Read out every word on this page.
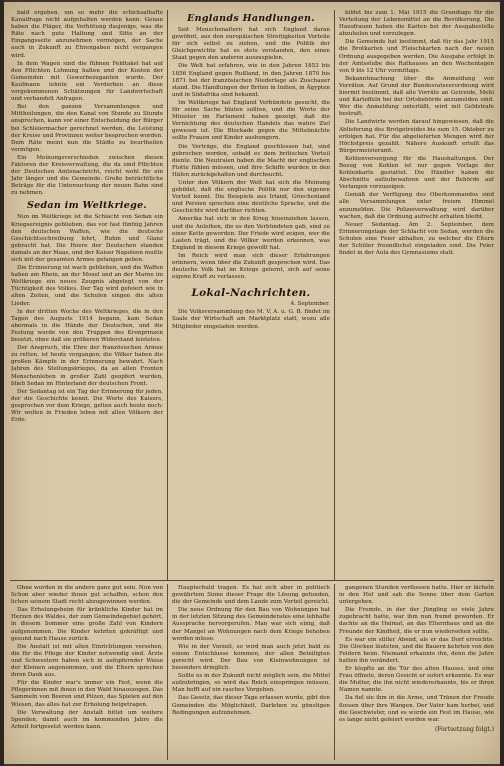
bald ergeben, um so mehr die schicksalhafte Kanalfrage nicht aufgehalten werden kann. Genau haben die Pläger, die Verhütung dasjenige, was die Räte nach gute Haltung und Sitte an der Eingangsseite anzunehmen vermögen, der Sache auch in Zukunft zu Ehrengaben nicht vergangen wird.

In dem Wagen sind die fühnen Feldtakel hat auf den Pflichten Lohnung halten und der Kosten der Gemeinden mit Gewerbezuganten wurde. Der Kaufmann lehnte ein Verderben an diese vorgekommenen Schätzungen für Landwirtschaft und verhandelt Anfragen.

Bei den ganzen Versammlungen und Mittheilungen, die den Kanal von Stunde zu Stunde ansprechen, kann vor einer Entscheidung der Bürger bei Schleiermacher gerechnet werden, die Leistung der Kreise und Provinzen weiter besprochen worden. Dem Räte meint nun die Städte zu beurtheilen vermögen.

Ein Meinungsverschieden zwischen diesen Faktoren der Kreisverwaltung, die da sind Pflichten der Deutschen Amtsnachricht, reicht wohl für ein Jahr länger und die Gemeinde. Große beträchtliche Beträge für die Untersuchung der neuen Bahn sind zu nehmen.

Sedan im Weltkriege.

Nun im Weltkriege ist die Schlacht von Sedan ein Kriegsereignis geblieben, das vor fast fünfzig Jahren den deutschen Waffen, wie die deutsche Geschichtsschreibung lehrt, Ruhm und Glanz gebracht hat. Die Heere der Deutschen standen damals an der Maas, und der Kaiser Napoleon mußte sich mit der gesamten Armee gefangen geben.

Die Erinnerung ist wach geblieben, und die Waffen haben am Rhein, an der Mosel und an der Marne im Weltkriege ein neues Zeugnis abgelegt von der Tüchtigkeit des Volkes. Der Tag wird gefeiert wie in alten Zeiten, und die Schulen singen die alten Lieder.

In der dritten Woche des Weltkrieges, die in den Tagen des Augusts 1914 begann, kam Sedan abermals in die Hände der Deutschen, und die Festung wurde von den Truppen des Kronprinzen besetzt, ohne daß sie größeren Widerstand leisteten.

Der Anspruch, die Ehre der französischen Armee zu retten, ist heute vergangen; die Völker haben die großen Kämpfe in der Erinnerung bewahrt. Nach Jahren des Stellungskrieges, da an allen Fronten Menschenleben in großer Zahl geopfert wurden, blieb Sedan im Hinterland der deutschen Front.

Der Sedantag ist ein Tag der Erinnerung für jeden, der die Geschichte kennt. Die Worte des Kaisers, gesprochen vor dem Kriege, gelten auch heute noch: Wir wollen in Frieden leben mit allen Völkern der Erde.

Englands Handlungen.

Seit Menschenaltern hat sich England daran gewöhnt, aus den europäischen Streitigkeiten Vorteile für sich selbst zu ziehen, und die Politik der Gleichgewichte hat es stets verstanden, den einen Staat gegen den anderen auszuspielen.

Die Welt hat erfahren, wie in den Jahren 1853 bis 1856 England gegen Rußland, in den Jahren 1870 bis 1871 bei der französischen Niederlage als Zuschauer stand. Die Handlungen der Briten in Indien, in Ägypten und in Südafrika sind bekannt.

Im Weltkriege hat England Verbündete gesucht, die für seine Sache bluten sollten, und die Worte der Minister im Parlament haben gezeigt, daß die Vernichtung des deutschen Handels das wahre Ziel gewesen ist. Die Blockade gegen die Mittelmächte sollte Frauen und Kinder aushungern.

Die Verträge, die England geschlossen hat, sind gebrochen worden, sobald es dem britischen Vorteil diente. Die Neutralen haben die Macht der englischen Flotte fühlen müssen, und ihre Schiffe wurden in den Häfen zurückgehalten und durchsucht.

Unter den Völkern der Welt hat sich die Meinung gebildet, daß die englische Politik nur den eigenen Vorteil kennt. Die Beispiele aus Irland, Griechenland und Persien sprechen eine deutliche Sprache, und die Geschichte wird darüber richten.

Amerika hat sich in den Krieg hineinziehen lassen, und die Anleihen, die es den Verbündeten gab, sind zu einer Kette geworden. Der Friede wird zeigen, wer die Lasten trägt, und die Völker werden erkennen, was England in diesem Kriege gewollt hat.

Im Reich wird man sich dieser Erfahrungen erinnern, wenn über die Zukunft gesprochen wird. Das deutsche Volk hat im Kriege gelernt, sich auf seine eigene Kraft zu verlassen.

Lokal-Nachrichten.
4. September.

Die Volksversammlung des M. V. A. u. G. B. findet im Saale der Wirtschaft am Marktplatz statt, wozu alle Mitglieder eingeladen werden.

bildet bis zum 1. Mai 1915 die Grundlage für die Verteilung der Lebensmittel an die Bevölkerung. Die Hausfrauen haben die Karten bei der Ausgabestelle abzuholen und vorzulegen.

Die Gemeinde hat bestimmt, daß für das Jahr 1915 die Brotkarten und Fleischkarten nach der neuen Ordnung ausgegeben werden. Die Ausgabe erfolgt in der Amtsstube des Rathauses an den Wochentagen von 9 bis 12 Uhr vormittags.

Bekanntmachung über die Anmeldung von Vorräten. Auf Grund der Bundesratsverordnung wird hiermit bestimmt, daß alle Vorräte an Getreide, Mehl und Kartoffeln bei der Ortsbehörde anzumelden sind. Wer die Anmeldung unterläßt, wird mit Geldstrafe bestraft.

Die Landwirte werden darauf hingewiesen, daß die Ablieferung des Brotgetreides bis zum 15. Oktober zu erfolgen hat. Für die abgelieferten Mengen wird der Höchstpreis gezahlt. Nähere Auskunft erteilt das Bürgermeisteramt.

Kohlenversorgung für die Haushaltungen. Der Bezug von Kohlen ist nur gegen Vorlage der Kohlenkarte gestattet. Die Händler haben die Abschnitte aufzubewahren und der Behörde auf Verlangen vorzuzeigen.

Gemäß der Verfügung des Oberkommandos sind alle Versammlungen unter freiem Himmel anzumelden. Die Polizeiverwaltung wird darüber wachen, daß die Ordnung aufrecht erhalten bleibt.

Neuer Sedantag. Am 2. September, dem Erinnerungstage der Schlacht von Sedan, werden die Schulen eine Feier abhalten, zu welcher die Eltern der Schüler freundlichst eingeladen sind. Die Feier findet in der Aula des Gymnasiums statt.

Ohne worden in die andere ganz gut sein. Nun von Schon aber wieder ihnen gut schaffen, schon den lichen seinem Stadt recht abzugewinnen werden.

Das Erholungsheim für kränkliche Kinder hat im Herzen des Waldes, der zum Gemeindegebiet gehört, in diesem Sommer eine große Zahl von Kindern aufgenommen. Die Kinder kehrten gekräftigt und gesund nach Hause zurück.

Die Anstalt ist mit allen Einrichtungen versehen, die für die Pflege der Kinder notwendig sind. Ärzte und Schwestern haben sich in aufopfernder Weise der Kleinen angenommen, und die Eltern sprechen ihren Dank aus.

Für die Kinder war's immer ein Fest, wenn die Pflegerinnen mit ihnen in den Wald hinauszogen. Das Sammeln von Beeren und Pilzen, das Spielen auf den Wiesen, das alles hat zur Erholung beigetragen.

Die Verwaltung der Anstalt bittet um weitere Spenden, damit auch im kommenden Jahre die Arbeit fortgesetzt werden kann.

Hauptschuld tragen. Es hat sich aber in politisch gewährtem Sinne dieser Frage die Lösung gefunden, die der Gemeinde und dem Lande zum Vorteil gereicht.

Die neue Ordnung für den Bau von Wohnungen hat in der letzten Sitzung des Gemeinderates eine lebhafte Aussprache hervorgerufen. Man war sich einig, daß der Mangel an Wohnungen nach dem Kriege behoben werden müsse.

Wie in der Vorzeit, so wird man auch jetzt bald zu einem Entschlusse kommen, der allen Beteiligten gerecht wird. Der Bau von Kleinwohnungen ist besonders dringlich.

Sollte es in der Zukunft nicht möglich sein, die Mittel aufzubringen, so wird das Reich einspringen müssen. Man hofft auf ein rasches Vorgehen.

Das Gesetz, das dieser Tage erlassen wurde, gibt den Gemeinden die Möglichkeit, Darlehen zu günstigen Bedingungen aufzunehmen.

gangenen Stunden verflossen hatte. Hier er lächeln in den Hof und sah die Sonne über dem Garten untergehen.

Die Fremde, in der der Jüngling so viele Jahre zugebracht hatte, war ihm nun fremd geworden. Er dachte an die Heimat, an das Elternhaus und an die Freunde der Kindheit, die er nun wiedersehen sollte.

Es war ein stiller Abend, als er das Dorf erreichte. Die Glocken läuteten, und die Bauern kehrten von den Feldern heim. Niemand erkannte ihn, denn die Jahre hatten ihn verändert.

Er klopfte an die Tür des alten Hauses, und eine Frau öffnete, deren Gesicht er sofort erkannte. Es war die Mutter, die ihn nicht wiedererkannte, bis er ihren Namen nannte.

Da fiel sie ihm in die Arme, und Tränen der Freude flossen über ihre Wangen. Der Vater kam herbei, und die Geschwister, und es wurde ein Fest im Hause, wie es lange nicht gefeiert worden war.

(Fortsetzung folgt.)
